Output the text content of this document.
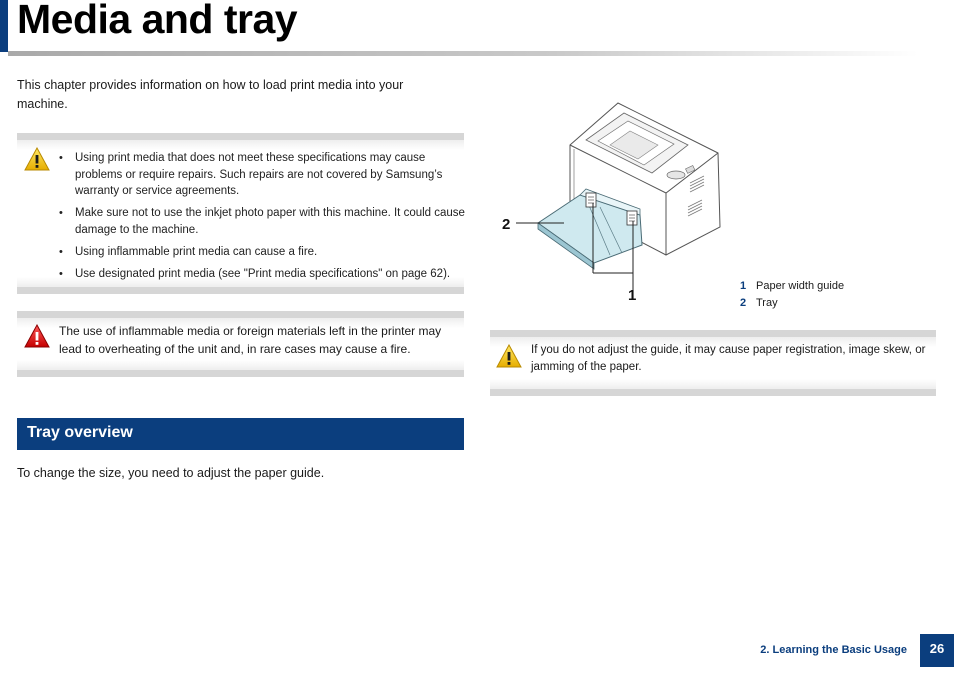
Media and tray

This chapter provides information on how to load print media into your machine.

• Using print media that does not meet these specifications may cause problems or require repairs. Such repairs are not covered by Samsung’s warranty or service agreements.
• Make sure not to use the inkjet photo paper with this machine. It could cause damage to the machine.
• Using inflammable print media can cause a fire.
• Use designated print media (see "Print media specifications" on page 62).

The use of inflammable media or foreign materials left in the printer may lead to overheating of the unit and, in rare cases may cause a fire.

Tray overview

To change the size, you need to adjust the paper guide.

2
1
1 Paper width guide
2 Tray

If you do not adjust the guide, it may cause paper registration, image skew, or jamming of the paper.

2. Learning the Basic Usage	26
